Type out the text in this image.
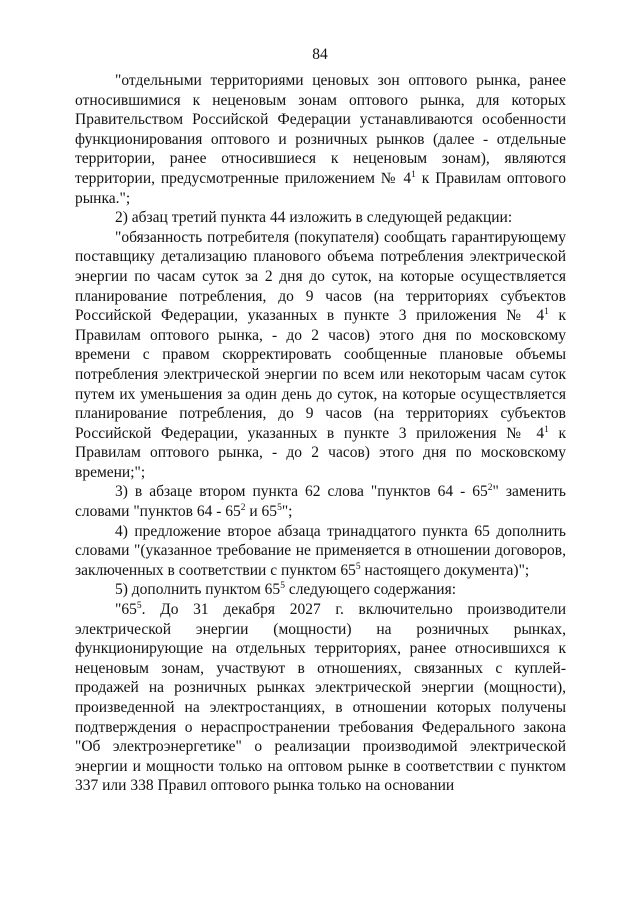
84

"отдельными территориями ценовых зон оптового рынка, ранее относившимися к неценовым зонам оптового рынка, для которых Правительством Российской Федерации устанавливаются особенности функционирования оптового и розничных рынков (далее - отдельные территории, ранее относившиеся к неценовым зонам), являются территории, предусмотренные приложением № $4^1$ к Правилам оптового рынка.";

2) абзац третий пункта 44 изложить в следующей редакции:

"обязанность потребителя (покупателя) сообщать гарантирующему поставщику детализацию планового объема потребления электрической энергии по часам суток за 2 дня до суток, на которые осуществляется планирование потребления, до 9 часов (на территориях субъектов Российской Федерации, указанных в пункте 3 приложения № $4^1$ к Правилам оптового рынка, - до 2 часов) этого дня по московскому времени с правом скорректировать сообщенные плановые объемы потребления электрической энергии по всем или некоторым часам суток путем их уменьшения за один день до суток, на которые осуществляется планирование потребления, до 9 часов (на территориях субъектов Российской Федерации, указанных в пункте 3 приложения № $4^1$ к Правилам оптового рынка, - до 2 часов) этого дня по московскому времени;";

3) в абзаце втором пункта 62 слова "пунктов $64 - 65^2$" заменить словами "пунктов $64 - 65^2$ и $65^5$";

4) предложение второе абзаца тринадцатого пункта 65 дополнить словами "(указанное требование не применяется в отношении договоров, заключенных в соответствии с пунктом $65^5$ настоящего документа)";

5) дополнить пунктом $65^5$ следующего содержания:

"$65^5$. До 31 декабря 2027 г. включительно производители электрической энергии (мощности) на розничных рынках, функционирующие на отдельных территориях, ранее относившихся к неценовым зонам, участвуют в отношениях, связанных с куплей-продажей на розничных рынках электрической энергии (мощности), произведенной на электростанциях, в отношении которых получены подтверждения о нераспространении требования Федерального закона "Об электроэнергетике" о реализации производимой электрической энергии и мощности только на оптовом рынке в соответствии с пунктом 337 или 338 Правил оптового рынка только на основании
